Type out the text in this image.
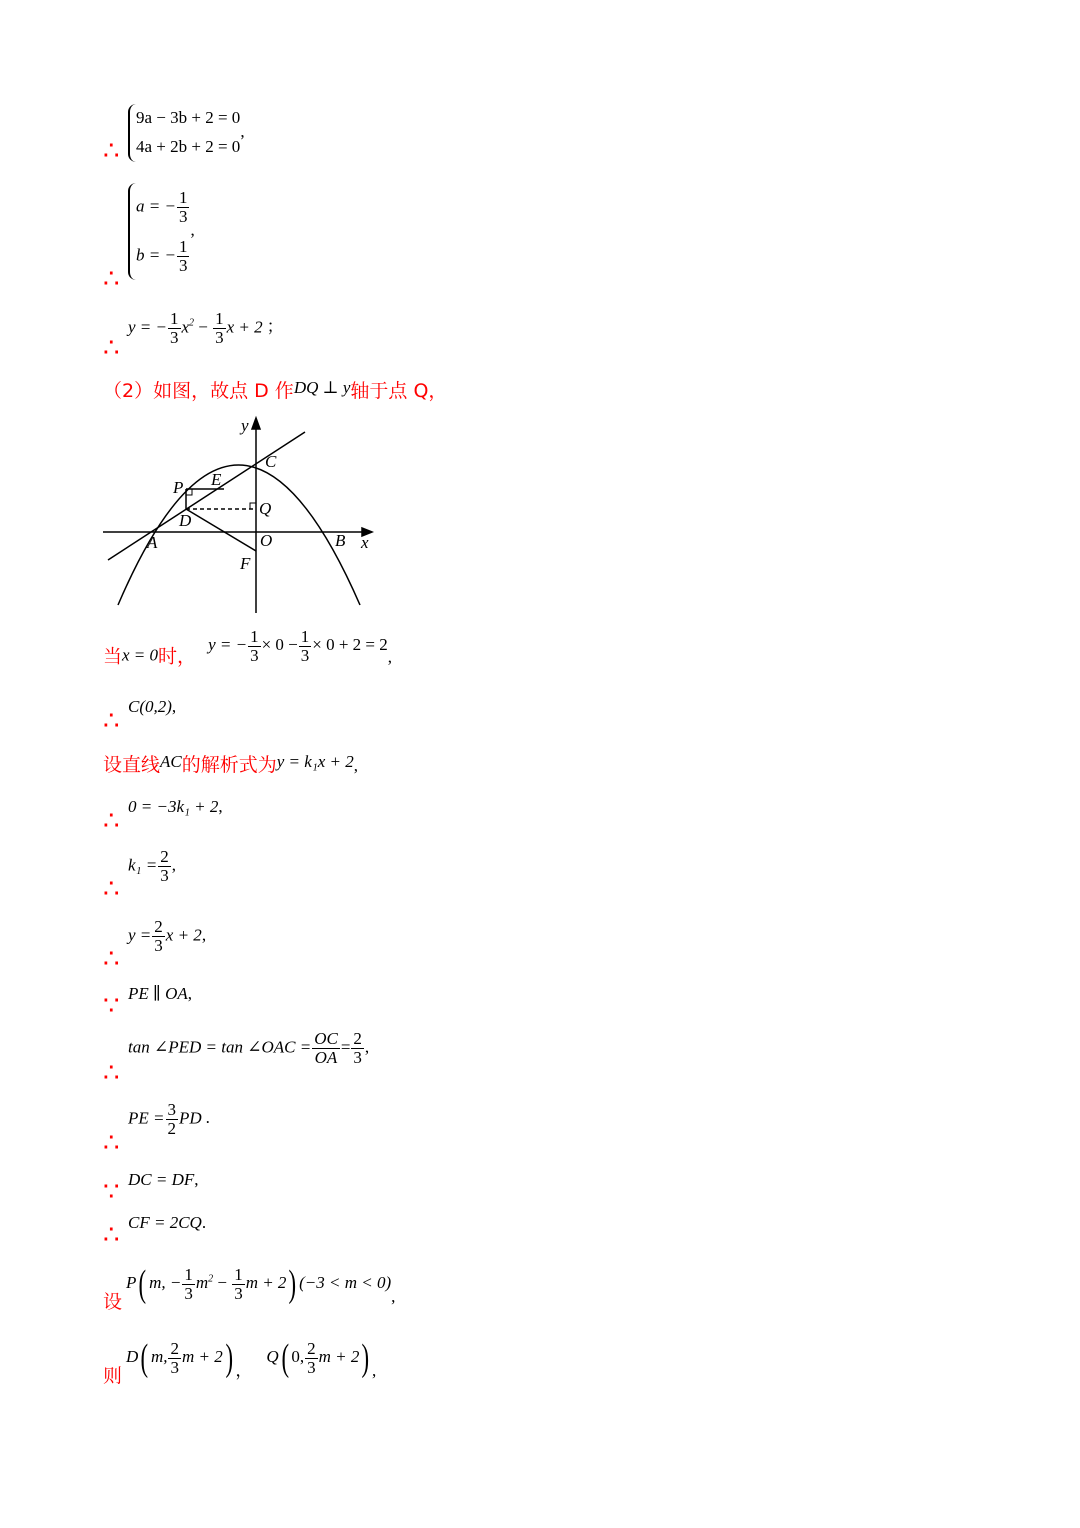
∴
9a − 3b + 2 = 0
4a + 2b + 2 = 0
,
∴
a = − $\frac{1}{3}$
b = − $\frac{1}{3}$
,
∴
y = − $\frac{1}{3} x^2 - \frac{1}{3}$ x + 2 ；
（2）如图，故点 D 作DQ ⊥ y轴于点 Q，
y
x
C
P E
D
Q
A	O	B
F
当x = 0时， y = − $\frac{1}{3} \times 0 - \frac{1}{3} \times 0 + 2 = 2$,
∴ C(0,2),
设直线AC的解析式为y = k₁x + 2,
∴ 0 = −3k₁ + 2,
∴
$k_1 = \frac{2}{3}$ ,
∴
$y = \frac{2}{3}$ x + 2,
∵ PE ∥ OA,
∴
tan ∠PED = tan ∠OAC = $\frac{OC}{OA} = \frac{2}{3}$ ,
∴
PE = $\frac{3}{2}$ PD .
∵ DC = DF,
∴ CF = 2CQ.
设 P( m, − $\frac{1}{3} m^2 - \frac{1}{3}$ m + 2) (−3 < m < 0),
则 D( m, $\frac{2}{3}$ m + 2) ， Q( 0, $\frac{2}{3}$ m + 2) ,
